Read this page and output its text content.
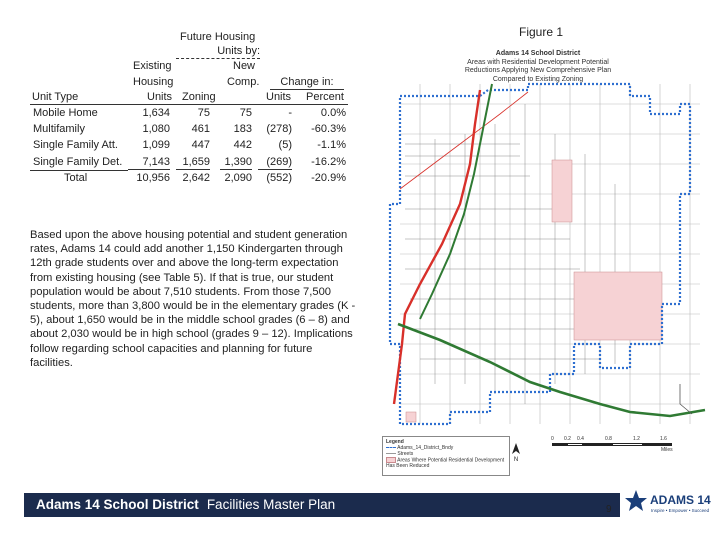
Future Housing
Units by:
Existing	New
Housing	Comp.	Change in:
Unit Type	Units Zoning	Units Percent
Mobile Home	1,634	75	75	-	0.0%
Multifamily	1,080	461	183	(278)	-60.3%
Single Family Att.	1,099	447	442	(5)	-1.1%
Single Family Det.	7,143	1,659	1,390	(269)	-16.2%
Total	10,956	2,642	2,090	(552)	-20.9%
Based upon the above housing potential and student generation rates, Adams 14 could add another 1,150 Kindergarten through 12th grade students over and above the long-term expectation from existing housing (see Table 5). If that is true, our student population would be about 7,510 students. From those 7,500 students, more than 3,800 would be in the elementary grades (K - 5), about 1,650 would be in the middle school grades (6 – 8) and about 2,030 would be in high school (grades 9 – 12). Implications follow regarding school capacities and planning for future facilities.
Figure 1
Adams 14 School District
Areas with Residential Development Potential
Reductions Applying New Comprehensive Plan
Compared to Existing Zoning
Legend
Adams_14_District_Bndy
Streets
Areas Where Potential Residential Development Has Been Reduced
N
0 0.2 0.4	0.8	1.2	1.6
Miles
Adams 14 School District Facilities Master Plan	9
ADAMS 14
Inspire • Empower • Succeed
